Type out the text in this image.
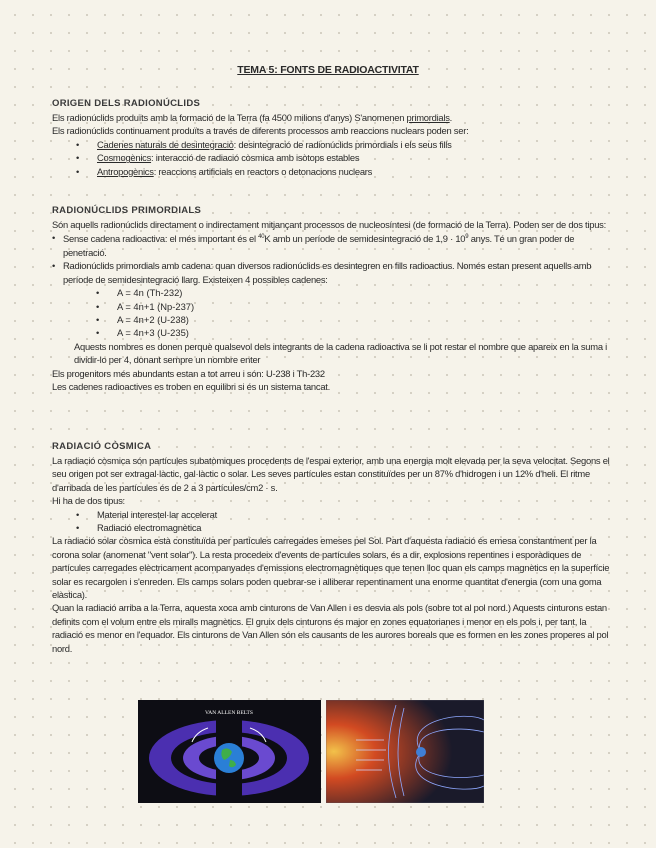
TEMA 5: FONTS DE RADIOACTIVITAT
ORIGEN DELS RADIONÚCLIDS
Els radionúclids produïts amb la formació de la Terra (fa 4500 milions d'anys) S'anomenen primordials.
Els radionúclids continuament produïts a través de diferents processos amb reaccions nuclears poden ser:
• Cadenes naturals de desintegració: desintegració de radionúclids primordials i els seus fills
• Cosmogènics: interacció de radiació còsmica amb isòtops estables
• Antropogènics: reaccions artificials en reactors o detonacions nuclears
RADIONÚCLIDS PRIMORDIALS
Són aquells radionúclids directament o indirectament mitjançant processos de nucleosíntesi (de formació de la Terra). Poden ser de dos tipus:
• Sense cadena radioactiva: el més important és el $^{40}$K amb un període de semidesintegració de $1,9 \cdot 10^9$ anys. Té un gran poder de penetració.
• Radionúclids primordials amb cadena: quan diversos radionúclids es desintegren en fills radioactius. Només estan present aquells amb període de semidesintegració llarg. Existeixen 4 possibles cadenes:
• A = 4n (Th-232)
• A = 4n+1 (Np-237)
• A = 4n+2 (U-238)
• A = 4n+3 (U-235)
Aquests nombres es donen perquè qualsevol dels integrants de la cadena radioactiva se li pot restar el nombre que apareix en la suma i dividir-lo per 4, donant sempre un nombre enter
Els progenitors més abundants estan a tot arreu i són: U-238 i Th-232
Les cadenes radioactives es troben en equilibri si és un sistema tancat.
RADIACIÓ CÒSMICA
La radiació còsmica són partícules subatòmiques procedents de l'espai exterior, amb una energia molt elevada per la seva velocitat. Segons el seu origen pot ser extragal·làctic, gal·làctic o solar. Les seves partícules estan constituïdes per un 87% d'hidrogen i un 12% d'heli. El ritme d'arribada de les partícules és de 2 a 3 partícules/cm2 · s.
Hi ha de dos tipus:
• Material interestel·lar accelerat
• Radiació electromagnètica
La radiació solar còsmica està constituïda per partícules carregades emeses pel Sol. Part d'aquesta radiació és emesa constantment per la corona solar (anomenat "vent solar"). La resta procedeix d'events de partícules solars, és a dir, explosions repentines i esporàdiques de partícules carregades elèctricament acompanyades d'emissions electromagnètiques que tenen lloc quan els camps magnètics en la superfície solar es recargolen i s'enreden. Els camps solars poden quebrar-se i alliberar repentinament una enorme quantitat d'energia (com una goma elàstica).
Quan la radiació arriba a la Terra, aquesta xoca amb cinturons de Van Allen i es desvia als pols (sobre tot al pol nord.) Aquests cinturons estan definits com el volum entre els miralls magnètics. El gruix dels cinturons és major en zones equatorianes i menor en els pols i, per tant, la radiació es menor en l'equador. Els cinturons de Van Allen són els causants de les aurores boreals que es formen en les zones properes al pol nord.
VAN ALLEN BELTS
